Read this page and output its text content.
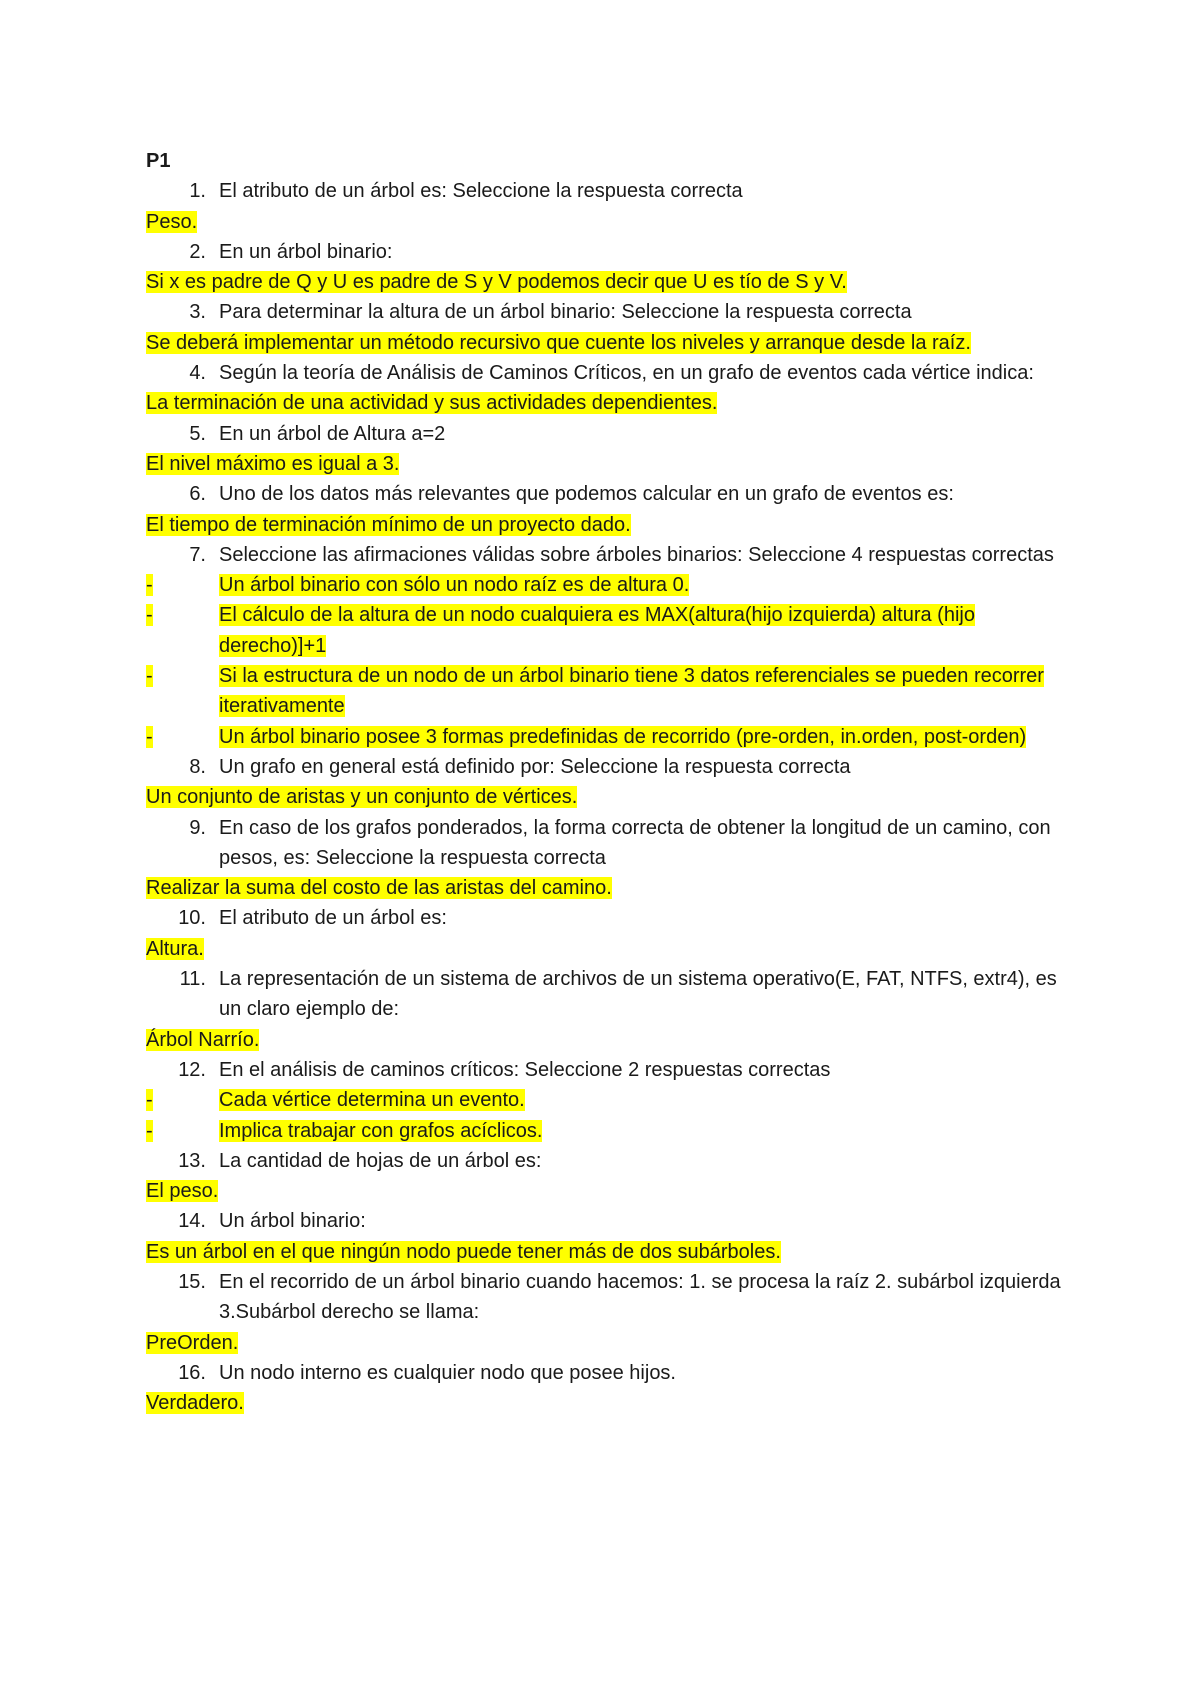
P1
1. El atributo de un árbol es: Seleccione la respuesta correcta
Peso.
2. En un árbol binario:
Si x es padre de Q y U es padre de S y V podemos decir que U es tío de S y V.
3. Para determinar la altura de un árbol binario: Seleccione la respuesta correcta
Se deberá implementar un método recursivo que cuente los niveles y arranque desde la raíz.
4. Según la teoría de Análisis de Caminos Críticos, en un grafo de eventos cada vértice indica:
La terminación de una actividad y sus actividades dependientes.
5. En un árbol de Altura a=2
El nivel máximo es igual a 3.
6. Uno de los datos más relevantes que podemos calcular en un grafo de eventos es:
El tiempo de terminación mínimo de un proyecto dado.
7. Seleccione las afirmaciones válidas sobre árboles binarios: Seleccione 4 respuestas correctas
-	Un árbol binario con sólo un nodo raíz es de altura 0.
-	El cálculo de la altura de un nodo cualquiera es MAX(altura(hijo izquierda) altura (hijo derecho)]+1
-	Si la estructura de un nodo de un árbol binario tiene 3 datos referenciales se pueden recorrer iterativamente
-	Un árbol binario posee 3 formas predefinidas de recorrido (pre-orden, in.orden, post-orden)
8. Un grafo en general está definido por: Seleccione la respuesta correcta
Un conjunto de aristas y un conjunto de vértices.
9. En caso de los grafos ponderados, la forma correcta de obtener la longitud de un camino, con pesos, es: Seleccione la respuesta correcta
Realizar la suma del costo de las aristas del camino.
10. El atributo de un árbol es:
Altura.
11. La representación de un sistema de archivos de un sistema operativo(E, FAT, NTFS, extr4), es un claro ejemplo de:
Árbol Narrío.
12. En el análisis de caminos críticos: Seleccione 2 respuestas correctas
-	Cada vértice determina un evento.
-	Implica trabajar con grafos acíclicos.
13. La cantidad de hojas de un árbol es:
El peso.
14. Un árbol binario:
Es un árbol en el que ningún nodo puede tener más de dos subárboles.
15. En el recorrido de un árbol binario cuando hacemos: 1. se procesa la raíz 2. subárbol izquierda 3.Subárbol derecho se llama:
PreOrden.
16. Un nodo interno es cualquier nodo que posee hijos.
Verdadero.
